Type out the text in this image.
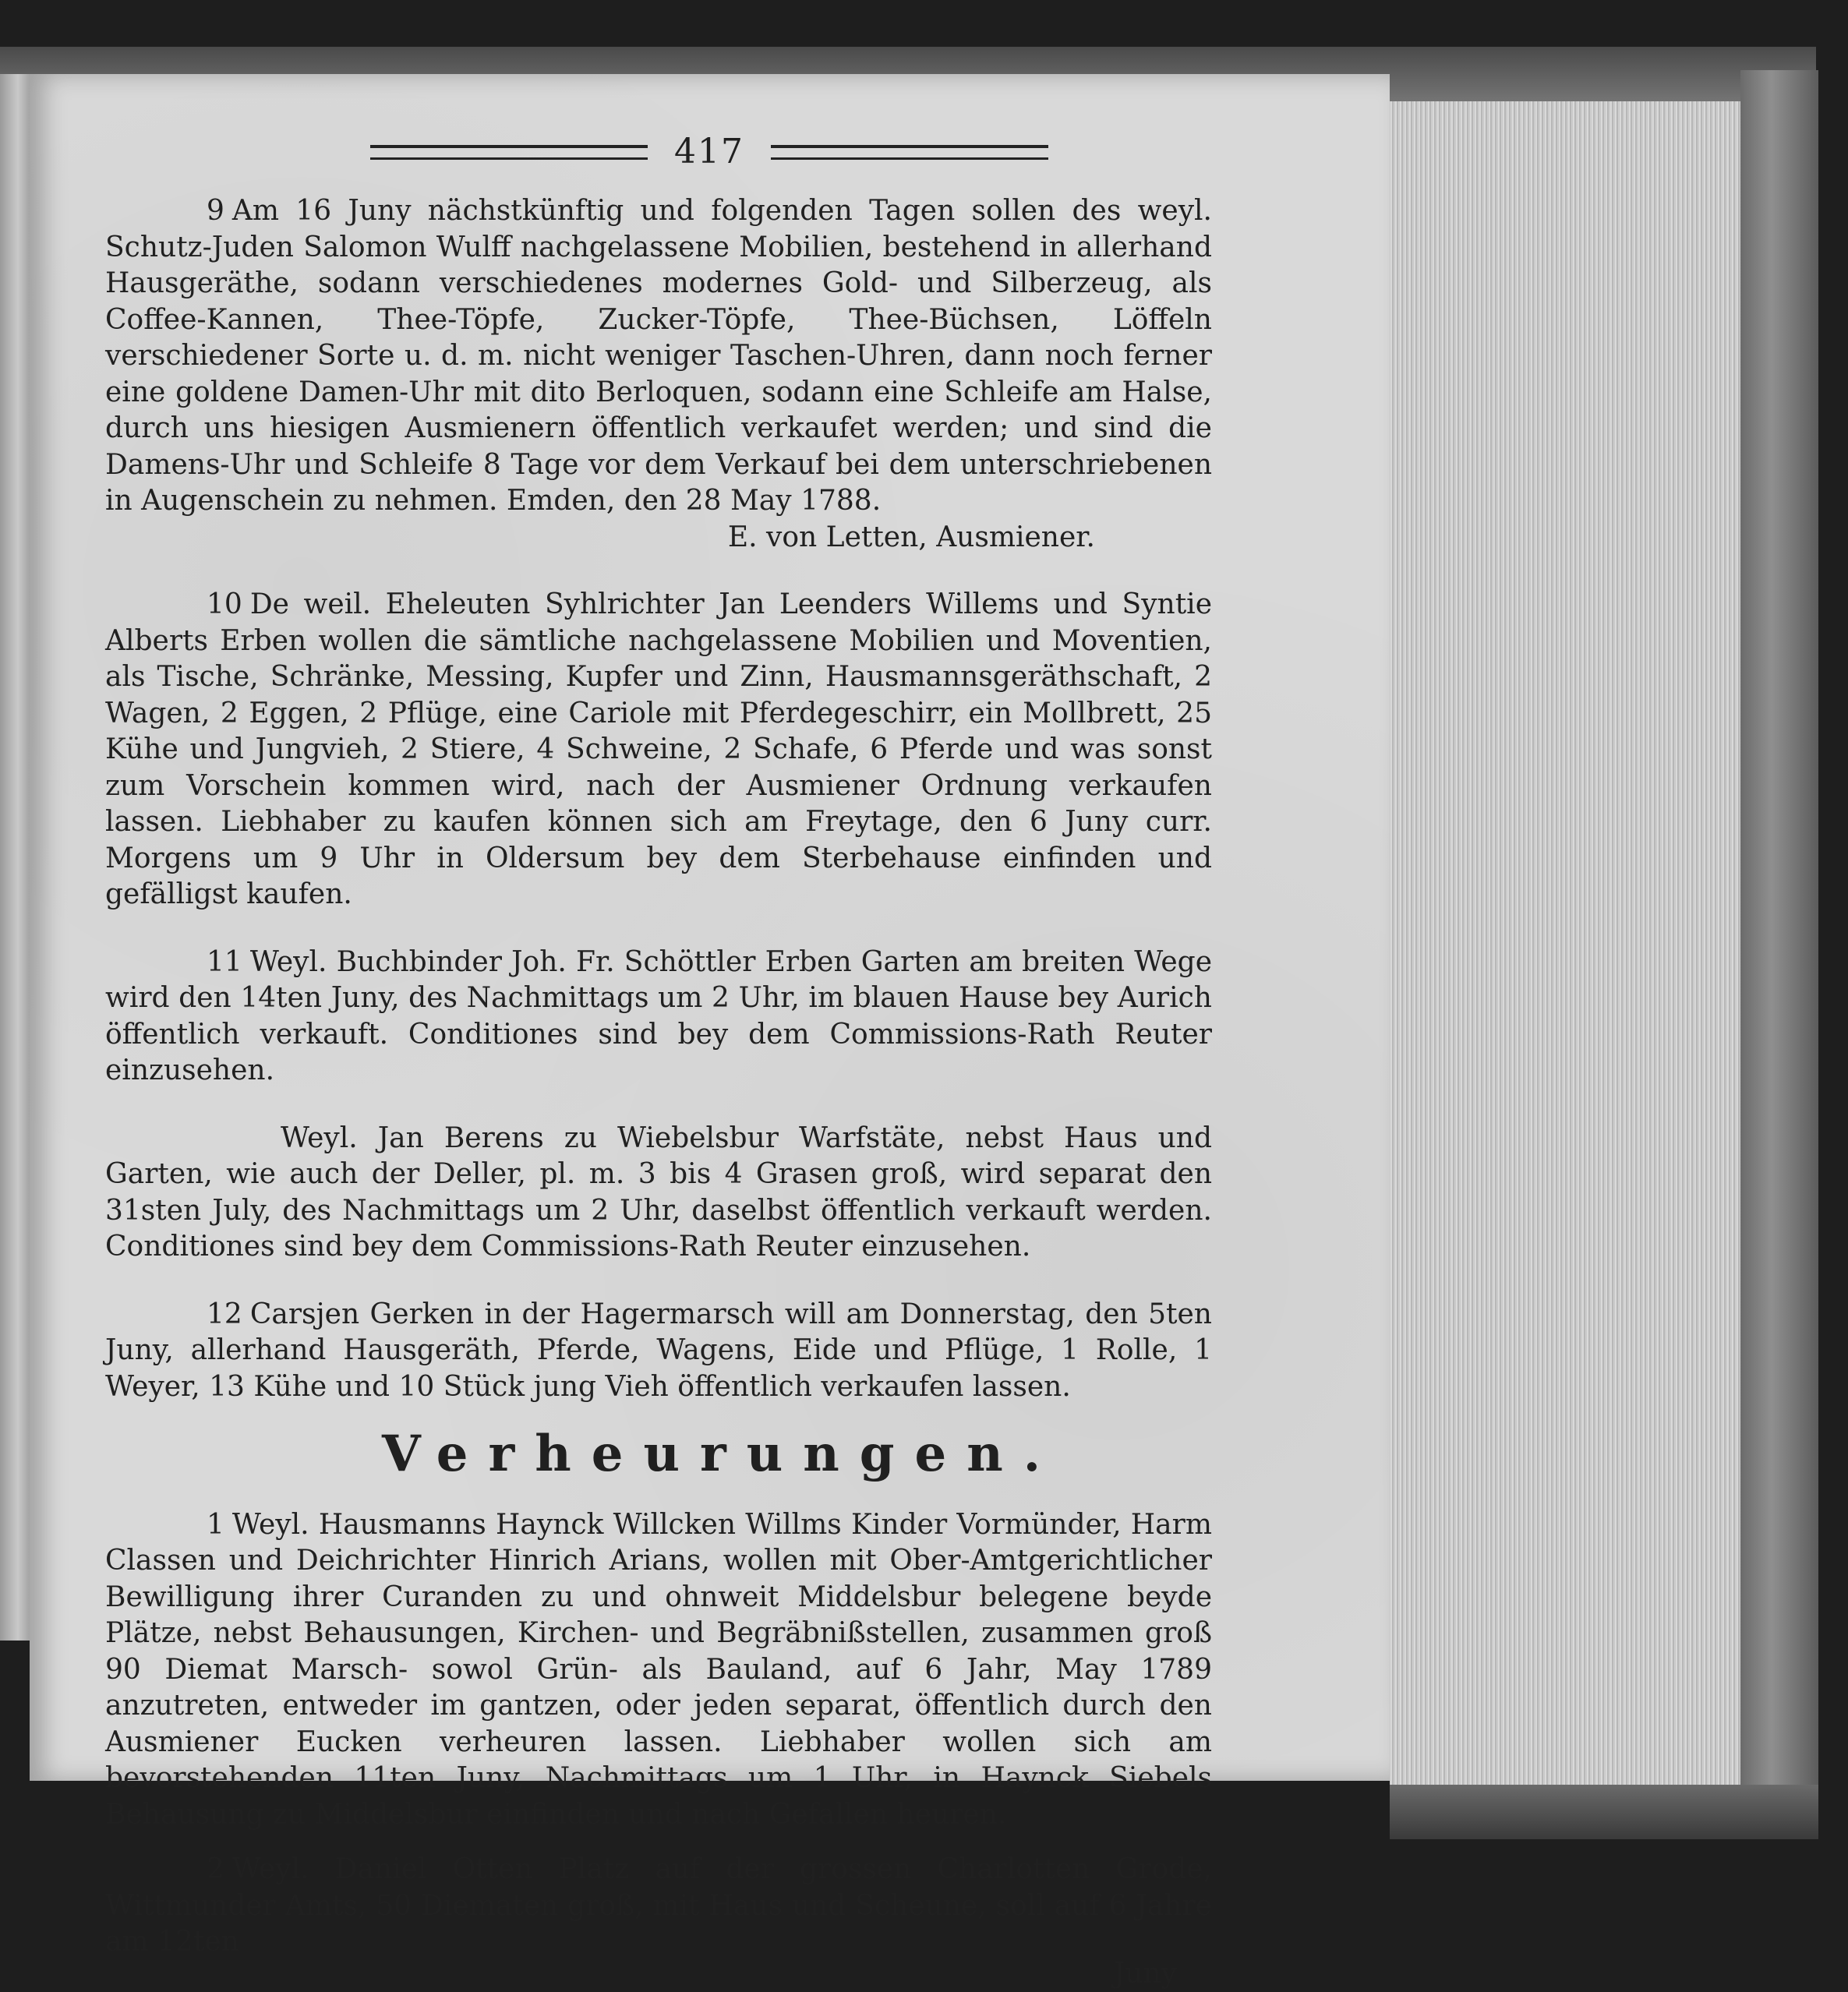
417

9 Am 16 Juny nächstkünftig und folgenden Tagen sollen des weyl. Schutz-Juden Salomon Wulff nachgelassene Mobilien, bestehend in allerhand Hausgeräthe, sodann verschiedenes modernes Gold- und Silberzeug, als Coffee-Kannen, Thee-Töpfe, Zucker-Töpfe, Thee-Büchsen, Löffeln verschiedener Sorte u. d. m. nicht weniger Taschen-Uhren, dann noch ferner eine goldene Damen-Uhr mit dito Berloquen, sodann eine Schleife am Halse, durch uns hiesigen Ausmienern öffentlich verkaufet werden; und sind die Damens-Uhr und Schleife 8 Tage vor dem Verkauf bei dem unterschriebenen in Augenschein zu nehmen. Emden, den 28 May 1788.

E. von Letten, Ausmiener.

10 De weil. Eheleuten Syhlrichter Jan Leenders Willems und Syntie Alberts Erben wollen die sämtliche nachgelassene Mobilien und Moventien, als Tische, Schränke, Messing, Kupfer und Zinn, Hausmannsgeräthschaft, 2 Wagen, 2 Eggen, 2 Pflüge, eine Cariole mit Pferdegeschirr, ein Mollbrett, 25 Kühe und Jungvieh, 2 Stiere, 4 Schweine, 2 Schafe, 6 Pferde und was sonst zum Vorschein kommen wird, nach der Ausmiener Ordnung verkaufen lassen. Liebhaber zu kaufen können sich am Freytage, den 6 Juny curr. Morgens um 9 Uhr in Oldersum bey dem Sterbehause einfinden und gefälligst kaufen.

11 Weyl. Buchbinder Joh. Fr. Schöttler Erben Garten am breiten Wege wird den 14ten Juny, des Nachmittags um 2 Uhr, im blauen Hause bey Aurich öffentlich verkauft. Conditiones sind bey dem Commissions-Rath Reuter einzusehen.

Weyl. Jan Berens zu Wiebelsbur Warfstäte, nebst Haus und Garten, wie auch der Deller, pl. m. 3 bis 4 Grasen groß, wird separat den 31sten July, des Nachmittags um 2 Uhr, daselbst öffentlich verkauft werden. Conditiones sind bey dem Commissions-Rath Reuter einzusehen.

12 Carsjen Gerken in der Hagermarsch will am Donnerstag, den 5ten Juny, allerhand Hausgeräth, Pferde, Wagens, Eide und Pflüge, 1 Rolle, 1 Weyer, 13 Kühe und 10 Stück jung Vieh öffentlich verkaufen lassen.

Verheurungen.

1 Weyl. Hausmanns Haynck Willcken Willms Kinder Vormünder, Harm Classen und Deichrichter Hinrich Arians, wollen mit Ober-Amtgerichtlicher Bewilligung ihrer Curanden zu und ohnweit Middelsbur belegene beyde Plätze, nebst Behausungen, Kirchen- und Begräbnißstellen, zusammen groß 90 Diemat Marsch- sowol Grün- als Bauland, auf 6 Jahr, May 1789 anzutreten, entweder im gantzen, oder jeden separat, öffentlich durch den Ausmiener Eucken verheuren lassen. Liebhaber wollen sich am bevorstehenden 11ten Juny, Nachmittags um 1 Uhr, in Haynck Siebels Behausung zu Middelsbur einfinden und nach Gefallen heuren.

2 Weyl. Daniel Otten Platz auf der grossen Charlotten Grode, Wittmunder Amts, 50 Diematen groß, mit Haus und Scheune, soll auf 6 Jahre am 12ten

Juny
